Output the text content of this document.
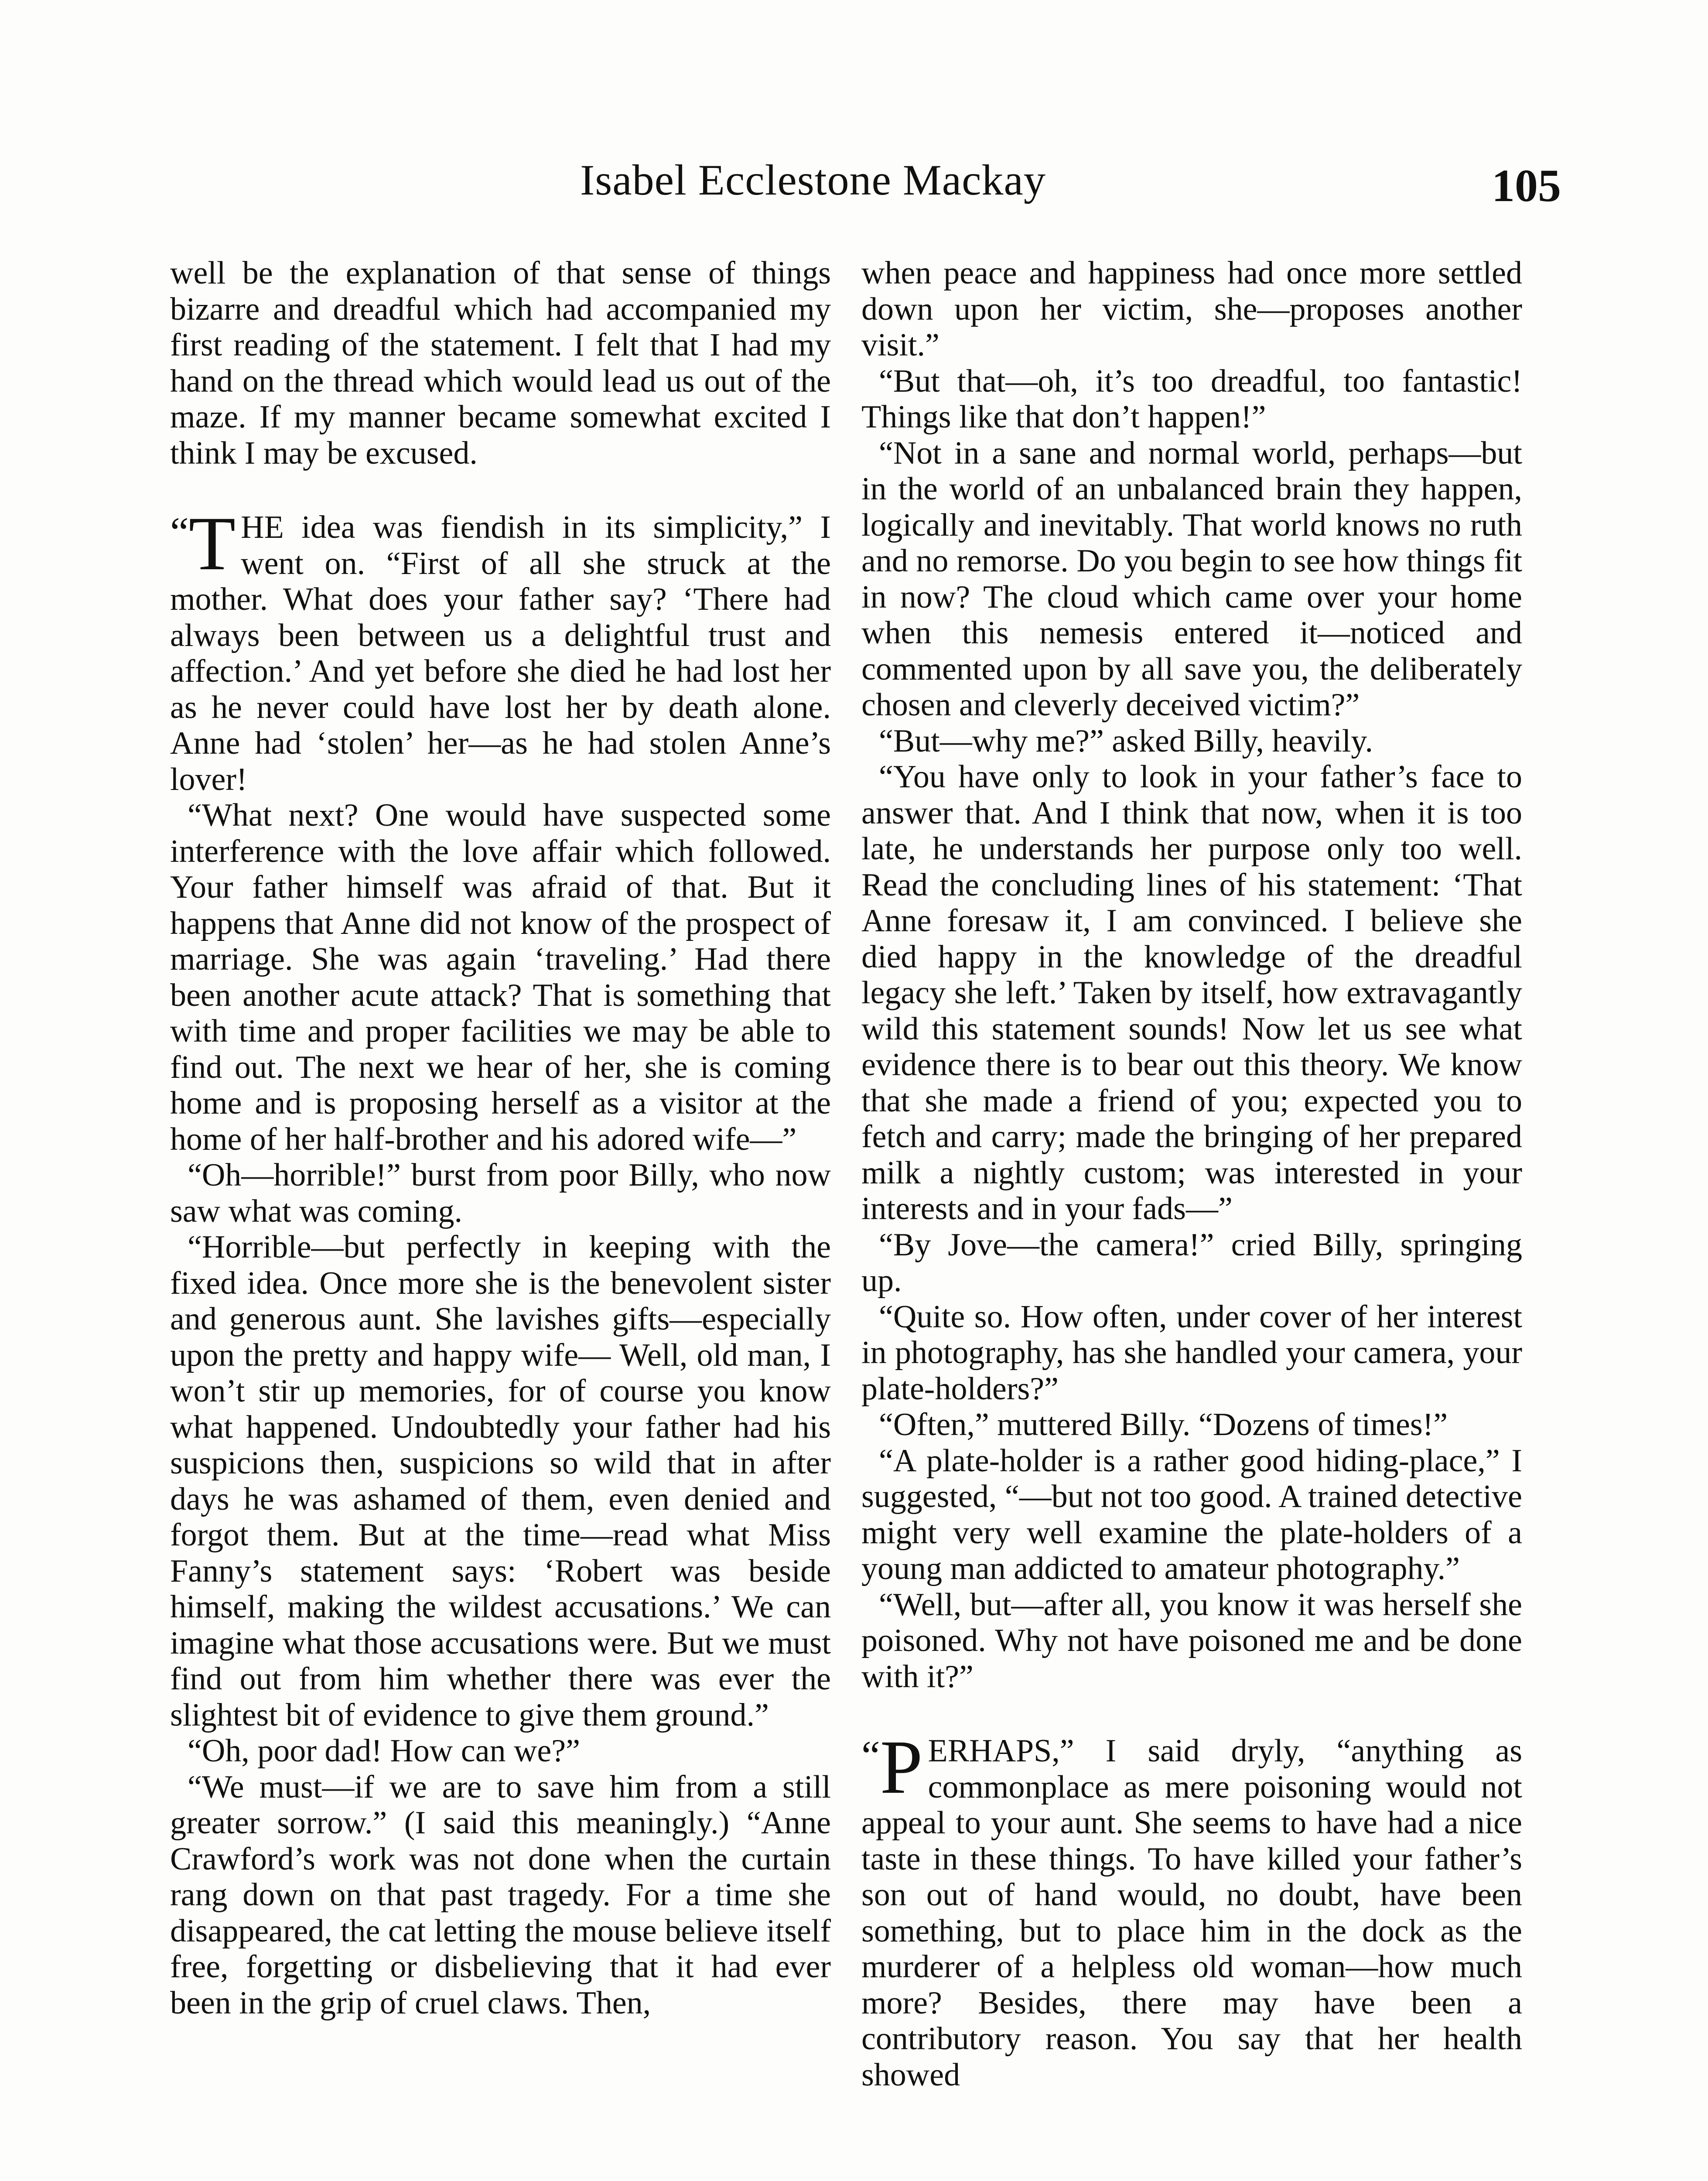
Isabel Ecclestone Mackay	105

well be the explanation of that sense of things bizarre and dreadful which had accompanied my first reading of the statement. I felt that I had my hand on the thread which would lead us out of the maze. If my manner became somewhat excited I think I may be excused.

“T HE idea was fiendish in its simplicity,” I went on. “First of all she struck at the mother. What does your father say? ‘There had always been between us a delightful trust and affection.’ And yet before she died he had lost her as he never could have lost her by death alone. Anne had ‘stolen’ her—as he had stolen Anne’s lover!

“What next? One would have suspected some interference with the love affair which followed. Your father himself was afraid of that. But it happens that Anne did not know of the prospect of marriage. She was again ‘traveling.’ Had there been another acute attack? That is something that with time and proper facilities we may be able to find out. The next we hear of her, she is coming home and is proposing herself as a visitor at the home of her half-brother and his adored wife—”

“Oh—horrible!” burst from poor Billy, who now saw what was coming.

“Horrible—but perfectly in keeping with the fixed idea. Once more she is the benevolent sister and generous aunt. She lavishes gifts—especially upon the pretty and happy wife— Well, old man, I won’t stir up memories, for of course you know what happened. Undoubtedly your father had his suspicions then, suspicions so wild that in after days he was ashamed of them, even denied and forgot them. But at the time—read what Miss Fanny’s statement says: ‘Robert was beside himself, making the wildest accusations.’ We can imagine what those accusations were. But we must find out from him whether there was ever the slightest bit of evidence to give them ground.”

“Oh, poor dad! How can we?”

“We must—if we are to save him from a still greater sorrow.” (I said this meaningly.) “Anne Crawford’s work was not done when the curtain rang down on that past tragedy. For a time she disappeared, the cat letting the mouse believe itself free, forgetting or disbelieving that it had ever been in the grip of cruel claws. Then,

when peace and happiness had once more settled down upon her victim, she—proposes another visit.”

“But that—oh, it’s too dreadful, too fantastic! Things like that don’t happen!”

“Not in a sane and normal world, perhaps—but in the world of an unbalanced brain they happen, logically and inevitably. That world knows no ruth and no remorse. Do you begin to see how things fit in now? The cloud which came over your home when this nemesis entered it—noticed and commented upon by all save you, the deliberately chosen and cleverly deceived victim?”

“But—why me?” asked Billy, heavily.

“You have only to look in your father’s face to answer that. And I think that now, when it is too late, he understands her purpose only too well. Read the concluding lines of his statement: ‘That Anne foresaw it, I am convinced. I believe she died happy in the knowledge of the dreadful legacy she left.’ Taken by itself, how extravagantly wild this statement sounds! Now let us see what evidence there is to bear out this theory. We know that she made a friend of you; expected you to fetch and carry; made the bringing of her prepared milk a nightly custom; was interested in your interests and in your fads—”

“By Jove—the camera!” cried Billy, springing up.

“Quite so. How often, under cover of her interest in photography, has she handled your camera, your plate-holders?”

“Often,” muttered Billy. “Dozens of times!”

“A plate-holder is a rather good hiding-place,” I suggested, “—but not too good. A trained detective might very well examine the plate-holders of a young man addicted to amateur photography.”

“Well, but—after all, you know it was herself she poisoned. Why not have poisoned me and be done with it?”

“P ERHAPS,” I said dryly, “anything as commonplace as mere poisoning would not appeal to your aunt. She seems to have had a nice taste in these things. To have killed your father’s son out of hand would, no doubt, have been something, but to place him in the dock as the murderer of a helpless old woman—how much more? Besides, there may have been a contributory reason. You say that her health showed
